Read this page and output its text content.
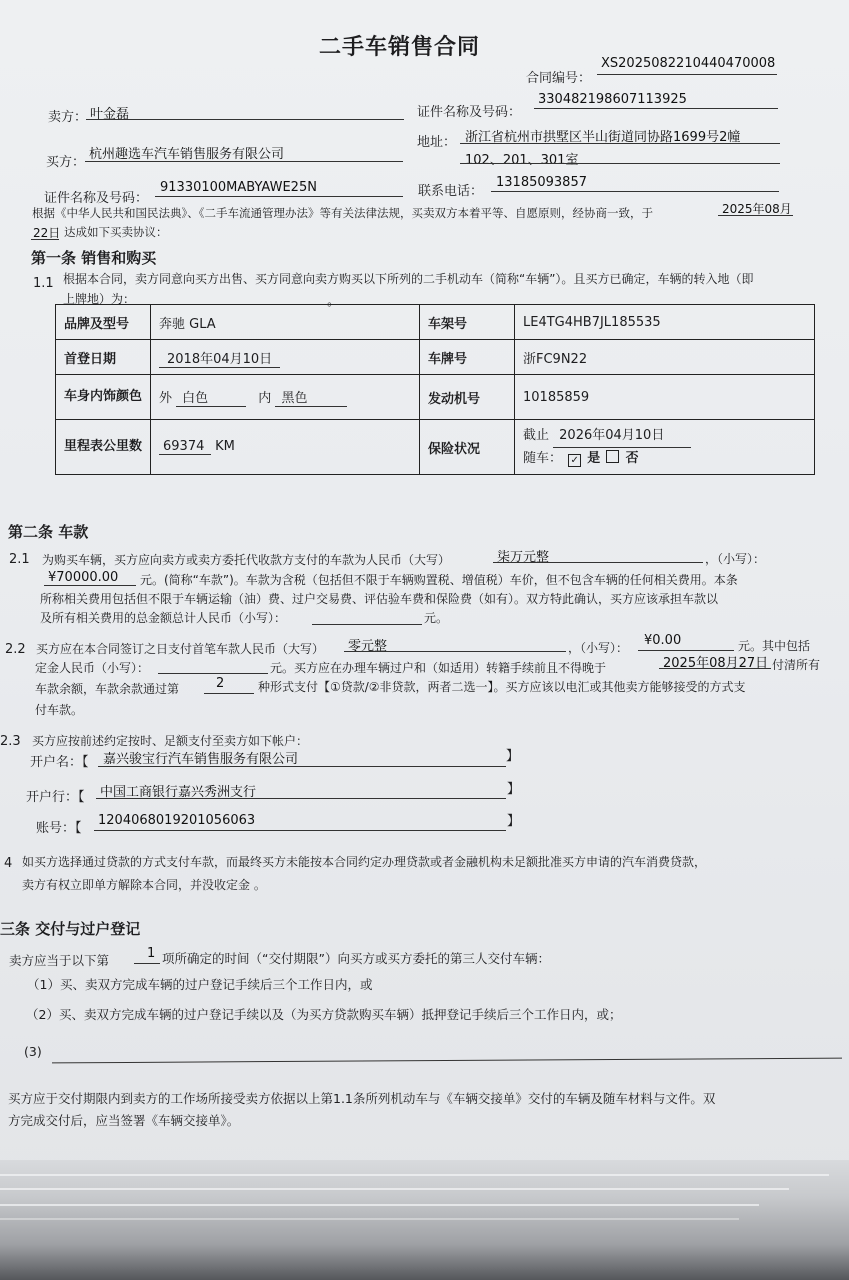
二手车销售合同
合同编号：
XS2025082210440470008
卖方： 叶金磊	证件名称及号码：
330482198607113925
买方：
杭州趣选车汽车销售服务有限公司
地址： 浙江省杭州市拱墅区半山街道同协路1699号2幢
102、201、301室
证件名称及号码：
91330100MABYAWE25N	联系电话：
13185093857
根据《中华人民共和国民法典》、《二手车流通管理办法》等有关法律法规，买卖双方本着平等、自愿原则，经协商一致，于	2025年08月
22日 达成如下买卖协议：
第一条 销售和购买
1.1 根据本合同，卖方同意向买方出售、买方同意向卖方购买以下所列的二手机动车（简称“车辆”）。且买方已确定，车辆的转入地（即
上牌地）为：	。
品牌及型号	奔驰 GLA	车架号	LE4TG4HB7JL185535
首登日期	2018年04月10日	车牌号	浙FC9N22
车身内饰颜色	外 白色 内 黑色	发动机号	10185859
里程表公里数	69374 KM	保险状况	截止 2026年04月10日
随车： ✓ 是 否
第二条 车款
2.1 为购买车辆，买方应向卖方或卖方委托代收款方支付的车款为人民币（大写）	柒万元整	，（小写）：
¥70000.00 元。(简称“车款”)。车款为含税（包括但不限于车辆购置税、增值税）车价，但不包含车辆的任何相关费用。本条
所称相关费用包括但不限于车辆运输（油）费、过户交易费、评估验车费和保险费（如有）。双方特此确认，买方应该承担车款以
及所有相关费用的总金额总计人民币（小写）：	元。
2.2 买方应在本合同签订之日支付首笔车款人民币（大写） 零元整	，（小写）： ¥0.00	元。其中包括
定金人民币（小写）：	元。买方应在办理车辆过户和（如适用）转籍手续前且不得晚于	2025年08月27日 付清所有
车款余额，车款余款通过第	2	种形式支付【①贷款/②非贷款，两者二选一】。买方应该以电汇或其他卖方能够接受的方式支
付车款。
2.3 买方应按前述约定按时、足额支付至卖方如下帐户：
开户名：【 嘉兴骏宝行汽车销售服务有限公司	】
开户行：【 中国工商银行嘉兴秀洲支行	】
账号：【
1204068019201056063	】
4 如买方选择通过贷款的方式支付车款，而最终买方未能按本合同约定办理贷款或者金融机构未足额批准买方申请的汽车消费贷款，
卖方有权立即单方解除本合同，并没收定金 。
三条 交付与过户登记
卖方应当于以下第	1 项所确定的时间（“交付期限”）向买方或买方委托的第三人交付车辆：
（1）买、卖双方完成车辆的过户登记手续后三个工作日内，或
（2）买、卖双方完成车辆的过户登记手续以及（为买方贷款购买车辆）抵押登记手续后三个工作日内，或；
(3)
买方应于交付期限内到卖方的工作场所接受卖方依据以上第1.1条所列机动车与《车辆交接单》交付的车辆及随车材料与文件。双
方完成交付后，应当签署《车辆交接单》。
